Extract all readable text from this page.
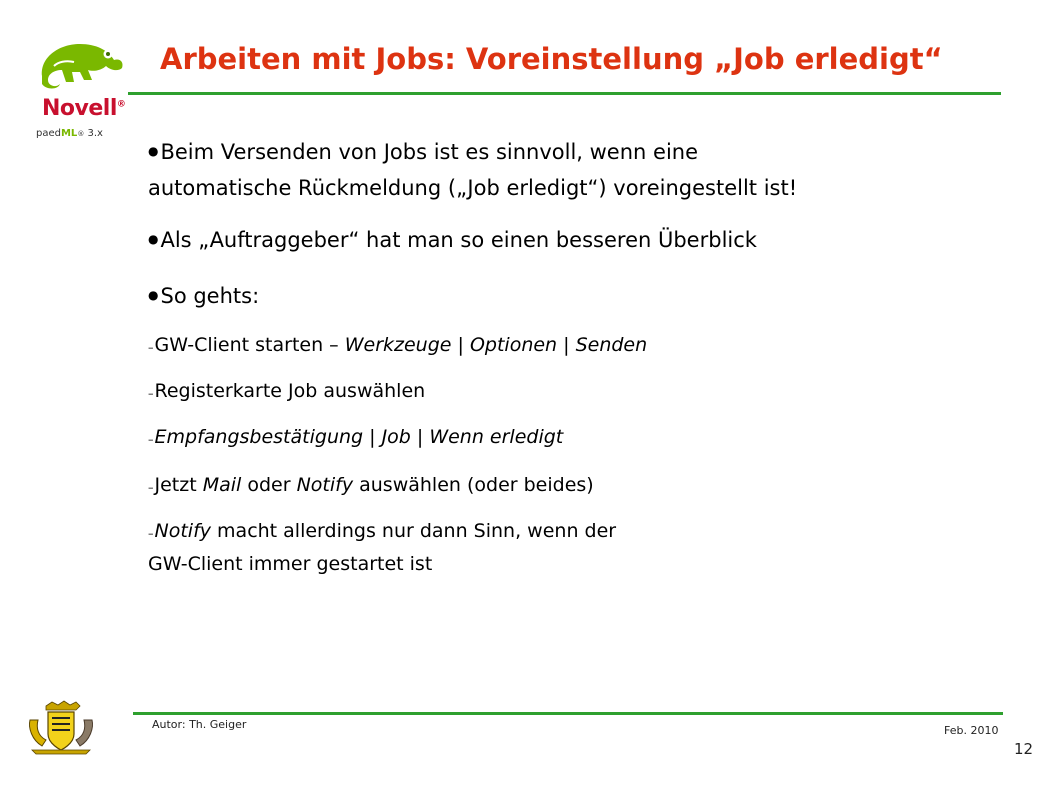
Novell®
paedML® 3.x
Arbeiten mit Jobs: Voreinstellung „Job erledigt“
●Beim Versenden von Jobs ist es sinnvoll, wenn eine
automatische Rückmeldung („Job erledigt“) voreingestellt ist!
●Als „Auftraggeber“ hat man so einen besseren Überblick
●So gehts:
–GW-Client starten – Werkzeuge | Optionen | Senden
–Registerkarte Job auswählen
–Empfangsbestätigung | Job | Wenn erledigt
–Jetzt Mail oder Notify auswählen (oder beides)
–Notify macht allerdings nur dann Sinn, wenn der
GW-Client immer gestartet ist
Autor: Th. Geiger	Feb. 2010
12
